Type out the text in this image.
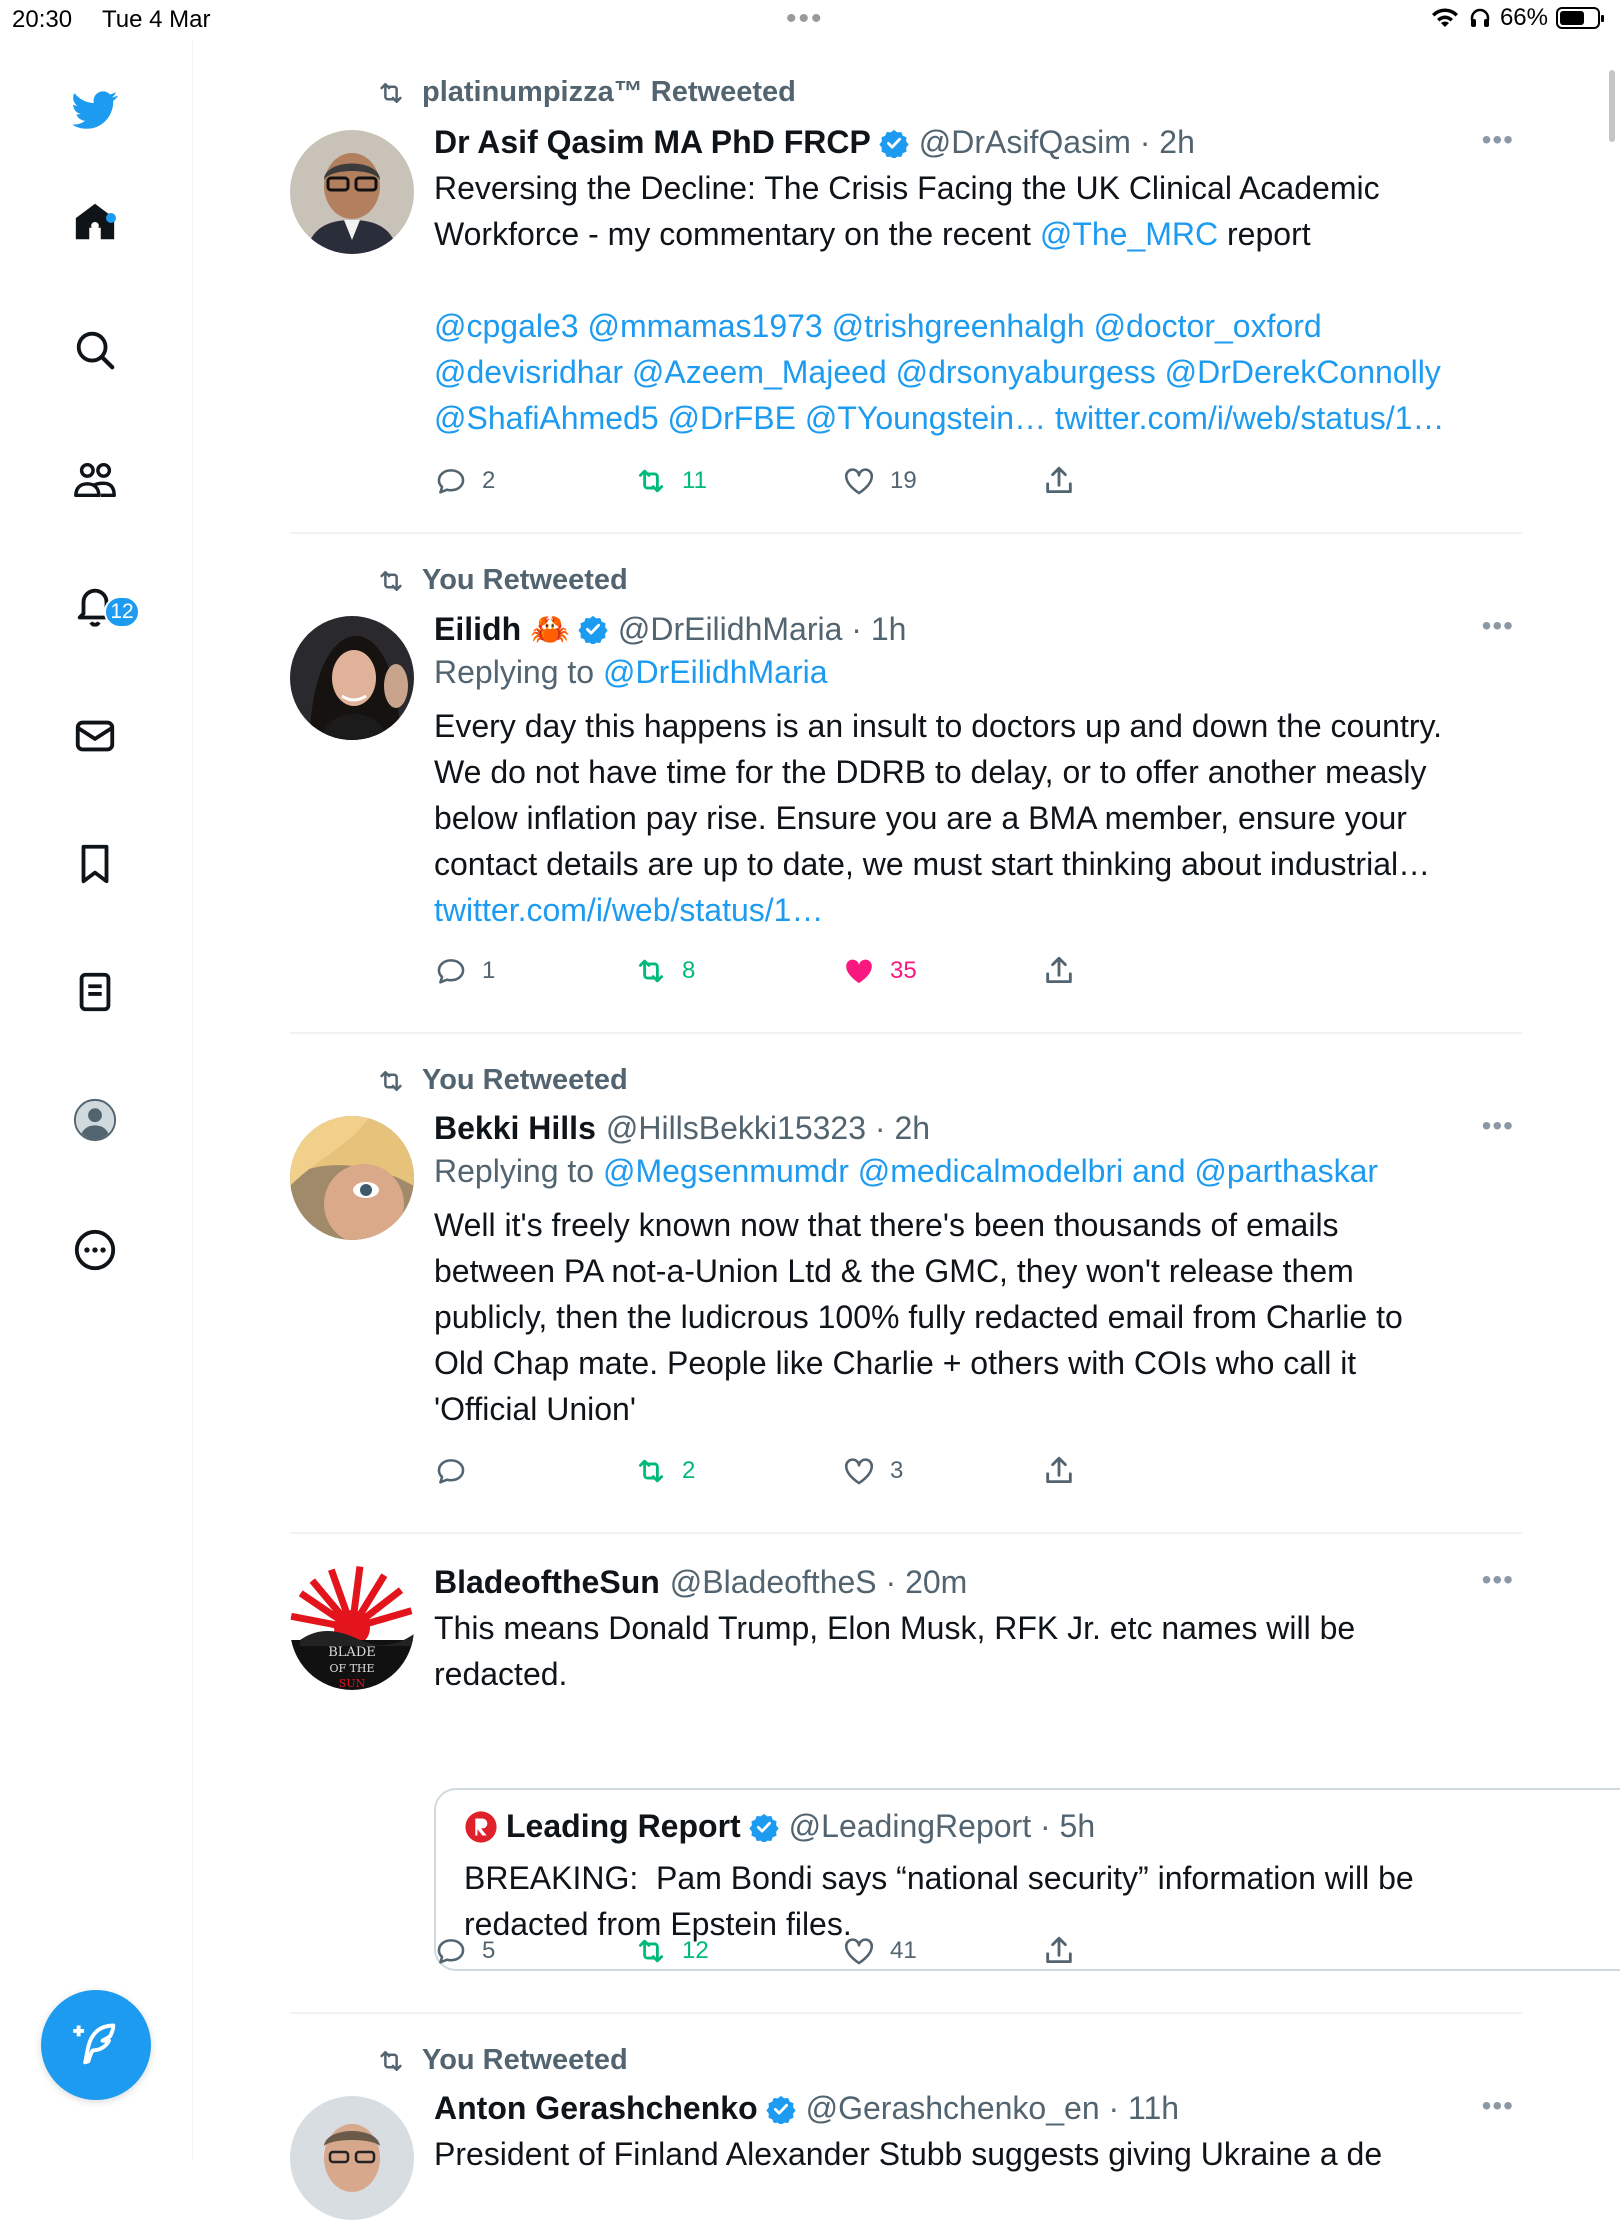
20:30 Tue 4 Mar	•••	66%
12
platinumpizza™ Retweeted
Dr Asif Qasim MA PhD FRCP @DrAsifQasim · 2h	•••
Reversing the Decline: The Crisis Facing the UK Clinical Academic
Workforce - my commentary on the recent @The_MRC report
@cpgale3 @mmamas1973 @trishgreenhalgh @doctor_oxford
@devisridhar @Azeem_Majeed @drsonyaburgess @DrDerekConnolly
@ShafiAhmed5 @DrFBE @TYoungstein… twitter.com/i/web/status/1…
2	11	19
You Retweeted
Eilidh 🦀 @DrEilidhMaria · 1h	•••
Replying to @DrEilidhMaria
Every day this happens is an insult to doctors up and down the country.
We do not have time for the DDRB to delay, or to offer another measly
below inflation pay rise. Ensure you are a BMA member, ensure your
contact details are up to date, we must start thinking about industrial…
twitter.com/i/web/status/1…
1	8	35
You Retweeted
Bekki Hills @HillsBekki15323 · 2h	•••
Replying to @Megsenmumdr @medicalmodelbri and @parthaskar
Well it's freely known now that there's been thousands of emails
between PA not-a-Union Ltd & the GMC, they won't release them
publicly, then the ludicrous 100% fully redacted email from Charlie to
Old Chap mate. People like Charlie + others with COIs who call it
'Official Union'
2	3
BLADE
OF THE
SUN
BladeoftheSun @BladeoftheS · 20m	•••
This means Donald Trump, Elon Musk, RFK Jr. etc names will be
redacted.
Leading Report @LeadingReport · 5h
BREAKING:  Pam Bondi says “national security” information will be
redacted from Epstein files.
5	12	41
You Retweeted
Anton Gerashchenko @Gerashchenko_en · 11h	•••
President of Finland Alexander Stubb suggests giving Ukraine a de
